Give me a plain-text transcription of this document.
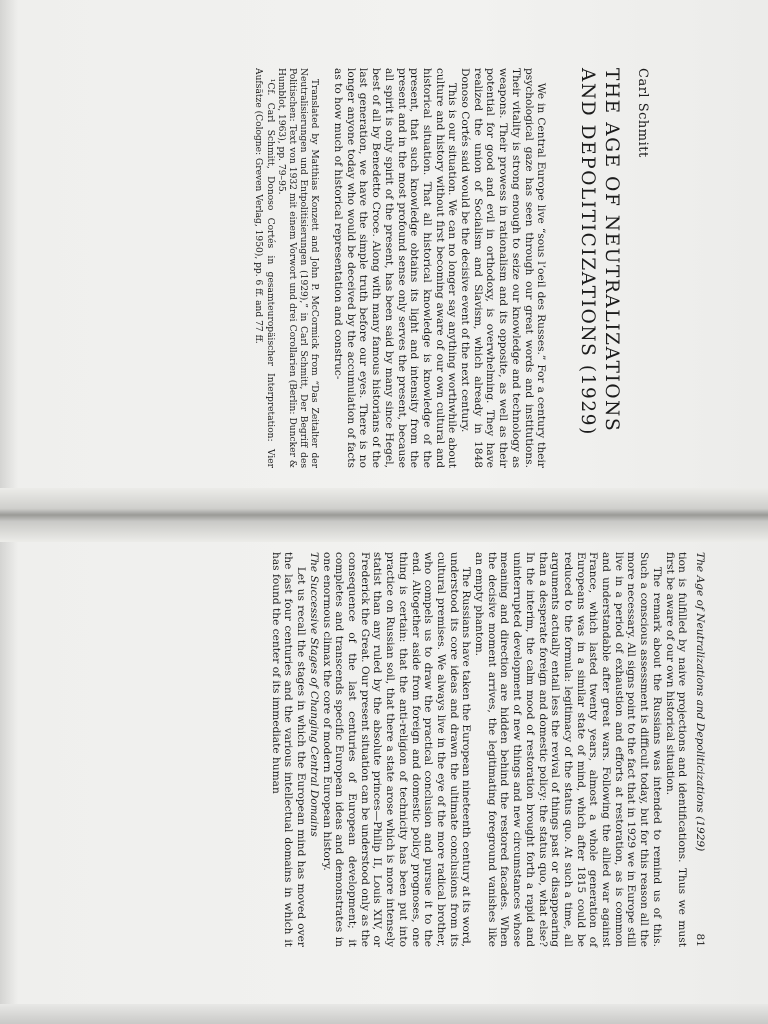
Carl Schmitt
THE AGE OF NEUTRALIZATIONS
AND DEPOLITICIZATIONS (1929)

We in Central Europe live “sous l’oeil des Russes.” For a century their psychological gaze has seen through our great words and institutions. Their vitality is strong enough to seize our knowledge and technology as weapons. Their prowess in rationalism and its opposite, as well as their potential for good and evil in orthodoxy, is overwhelming. They have realized the union of Socialism and Slavism, which already in 1848 Donoso Cortés said would be the decisive event of the next century.

This is our situation. We can no longer say anything worthwhile about culture and history without first becoming aware of our own cultural and historical situation. That all historical knowledge is knowledge of the present, that such knowledge obtains its light and intensity from the present and in the most profound sense only serves the present, because all spirit is only spirit of the present, has been said by many since Hegel, best of all by Benedetto Croce. Along with many famous historians of the last generation, we have the simple truth before our eyes. There is no longer anyone today who would be deceived by the accumulation of facts as to how much of historical representation and construc-

Translated by Matthias Konzett and John P. McCormick from “Das Zeitalter der Neutralisierungen und Entpolitisierungen (1929),” in Carl Schmitt, Der Begriff des Politischen: Text von 1932 mit einem Vorwort und drei Corollarien (Berlin: Duncker & Humblot, 1963), pp. 79–95.

¹Cf. Carl Schmitt, Donoso Cortés in gesamteuropäischer Interpretation: Vier Aufsätze (Cologne: Greven Verlag, 1950), pp. 6 ff. and 77 ff.

The Age of Neutralizations and Depoliticizations (1929)
81

tion is fulfilled by naive projections and identifications. Thus we must first be aware of our own historical situation.

The remark about the Russians was intended to remind us of this. Such a conscious assessment is difficult today, but for this reason all the more necessary. All signs point to the fact that in 1929 we in Europe still live in a period of exhaustion and efforts at restoration, as is common and understandable after great wars. Following the allied war against France, which lasted twenty years, almost a whole generation of Europeans was in a similar state of mind, which after 1815 could be reduced to the formula: legitimacy of the status quo. At such a time, all arguments actually entail less the revival of things past or disappearing than a desperate foreign and domestic policy: the status quo, what else? In the interim, the calm mood of restoration brought forth a rapid and uninterrupted development of new things and new circumstances whose meaning and direction are hidden behind the restored facades. When the decisive moment arrives, the legitimating foreground vanishes like an empty phantom.

The Russians have taken the European nineteenth century at its word, understood its core ideas and drawn the ultimate conclusions from its cultural premises. We always live in the eye of the more radical brother, who compels us to draw the practical conclusion and pursue it to the end. Altogether aside from foreign and domestic policy prognoses, one thing is certain: that the anti-religion of technicity has been put into practice on Russian soil, that there a state arose which is more intensely statist than any ruled by the absolute princes—Philip II, Louis XIV, or Frederick the Great. Our present situation can be understood only as the consequence of the last centuries of European development; it completes and transcends specific European ideas and demonstrates in one enormous climax the core of modern European history.

The Successive Stages of Changing Central Domains

Let us recall the stages in which the European mind has moved over the last four centuries and the various intellectual domains in which it has found the center of its immediate human
